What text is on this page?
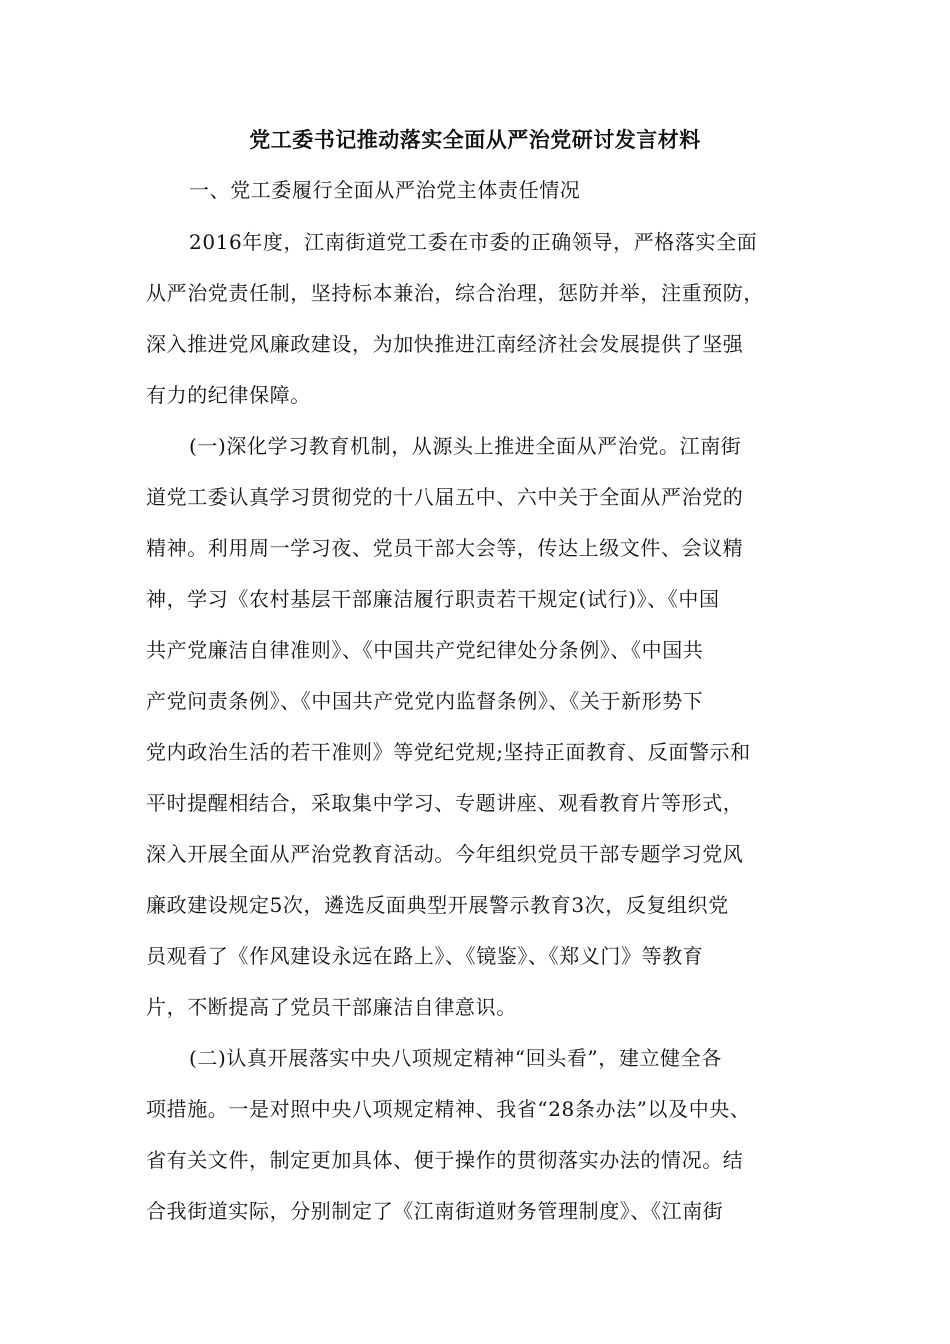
党工委书记推动落实全面从严治党研讨发言材料
一、党工委履行全面从严治党主体责任情况
2016年度，江南街道党工委在市委的正确领导，严格落实全面
从严治党责任制，坚持标本兼治，综合治理，惩防并举，注重预防，
深入推进党风廉政建设，为加快推进江南经济社会发展提供了坚强
有力的纪律保障。
(一)深化学习教育机制，从源头上推进全面从严治党。江南街
道党工委认真学习贯彻党的十八届五中、六中关于全面从严治党的
精神。利用周一学习夜、党员干部大会等，传达上级文件、会议精
神，学习《农村基层干部廉洁履行职责若干规定(试行)》、《中国
共产党廉洁自律准则》、《中国共产党纪律处分条例》、《中国共
产党问责条例》、《中国共产党党内监督条例》、《关于新形势下
党内政治生活的若干准则》等党纪党规;坚持正面教育、反面警示和
平时提醒相结合，采取集中学习、专题讲座、观看教育片等形式，
深入开展全面从严治党教育活动。今年组织党员干部专题学习党风
廉政建设规定5次，遴选反面典型开展警示教育3次，反复组织党
员观看了《作风建设永远在路上》、《镜鉴》、《郑义门》等教育
片，不断提高了党员干部廉洁自律意识。
(二)认真开展落实中央八项规定精神“回头看”，建立健全各
项措施。一是对照中央八项规定精神、我省“28条办法”以及中央、
省有关文件，制定更加具体、便于操作的贯彻落实办法的情况。结
合我街道实际，分别制定了《江南街道财务管理制度》、《江南街
